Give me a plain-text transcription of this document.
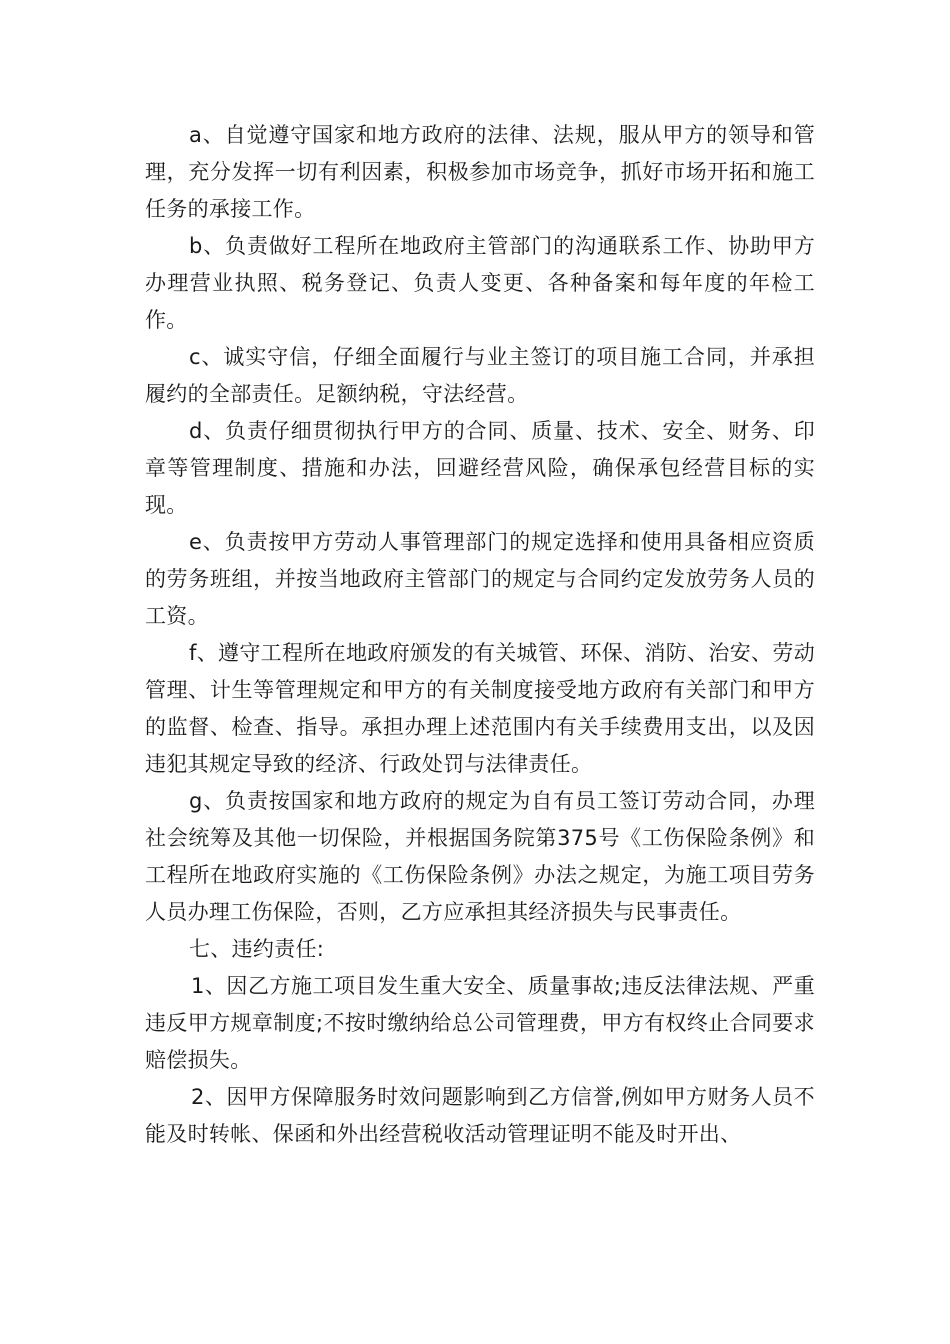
a、自觉遵守国家和地方政府的法律、法规，服从甲方的领导和管理，充分发挥一切有利因素，积极参加市场竞争，抓好市场开拓和施工任务的承接工作。

b、负责做好工程所在地政府主管部门的沟通联系工作、协助甲方办理营业执照、税务登记、负责人变更、各种备案和每年度的年检工作。

c、诚实守信，仔细全面履行与业主签订的项目施工合同，并承担履约的全部责任。足额纳税，守法经营。

d、负责仔细贯彻执行甲方的合同、质量、技术、安全、财务、印章等管理制度、措施和办法，回避经营风险，确保承包经营目标的实现。

e、负责按甲方劳动人事管理部门的规定选择和使用具备相应资质的劳务班组，并按当地政府主管部门的规定与合同约定发放劳务人员的工资。

f、遵守工程所在地政府颁发的有关城管、环保、消防、治安、劳动管理、计生等管理规定和甲方的有关制度接受地方政府有关部门和甲方的监督、检查、指导。承担办理上述范围内有关手续费用支出，以及因违犯其规定导致的经济、行政处罚与法律责任。

g、负责按国家和地方政府的规定为自有员工签订劳动合同，办理社会统筹及其他一切保险，并根据国务院第375号《工伤保险条例》和工程所在地政府实施的《工伤保险条例》办法之规定，为施工项目劳务人员办理工伤保险，否则，乙方应承担其经济损失与民事责任。

七、违约责任:

1、因乙方施工项目发生重大安全、质量事故;违反法律法规、严重违反甲方规章制度;不按时缴纳给总公司管理费，甲方有权终止合同要求赔偿损失。

2、因甲方保障服务时效问题影响到乙方信誉,例如甲方财务人员不能及时转帐、保函和外出经营税收活动管理证明不能及时开出、
